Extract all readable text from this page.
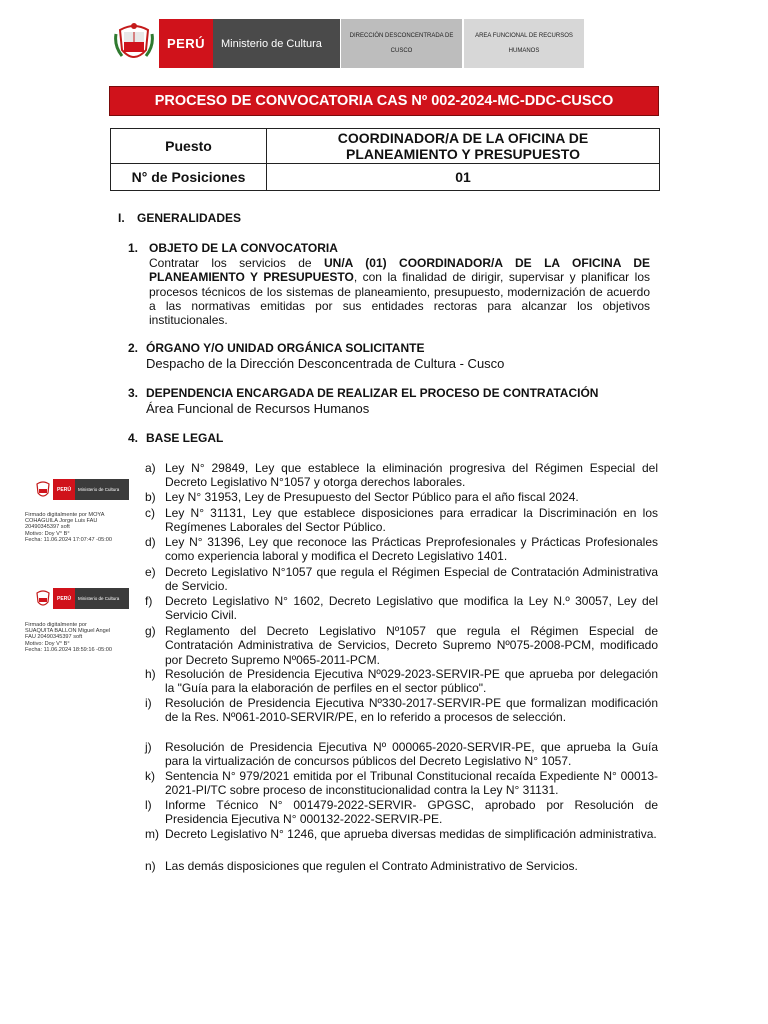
PERÚ	Ministerio de Cultura
DIRECCIÓN DESCONCENTRADA DE CUSCO
AREA FUNCIONAL DE RECURSOS HUMANOS
PROCESO DE CONVOCATORIA CAS Nº 002-2024-MC-DDC-CUSCO
Puesto	COORDINADOR/A DE LA OFICINA DE
PLANEAMIENTO Y PRESUPUESTO

N° de Posiciones	01
I. GENERALIDADES
1. OBJETO DE LA CONVOCATORIA
Contratar los servicios de UN/A (01) COORDINADOR/A DE LA OFICINA DE PLANEAMIENTO Y PRESUPUESTO, con la finalidad de dirigir, supervisar y planificar los procesos técnicos de los sistemas de planeamiento, presupuesto, modernización de acuerdo a las normativas emitidas por sus entidades rectoras para alcanzar los objetivos institucionales.
2. ÓRGANO Y/O UNIDAD ORGÁNICA SOLICITANTE
Despacho de la Dirección Desconcentrada de Cultura - Cusco
3. DEPENDENCIA ENCARGADA DE REALIZAR EL PROCESO DE CONTRATACIÓN
Área Funcional de Recursos Humanos
4. BASE LEGAL
a) Ley N° 29849, Ley que establece la eliminación progresiva del Régimen Especial del Decreto Legislativo N°1057 y otorga derechos laborales.
b) Ley N° 31953, Ley de Presupuesto del Sector Público para el año fiscal 2024.
c) Ley N° 31131, Ley que establece disposiciones para erradicar la Discriminación en los Regímenes Laborales del Sector Público.
d) Ley N° 31396, Ley que reconoce las Prácticas Preprofesionales y Prácticas Profesionales como experiencia laboral y modifica el Decreto Legislativo 1401.
e) Decreto Legislativo N°1057 que regula el Régimen Especial de Contratación Administrativa de Servicio.
f) Decreto Legislativo N° 1602, Decreto Legislativo que modifica la Ley N.º 30057, Ley del Servicio Civil.
g) Reglamento del Decreto Legislativo Nº1057 que regula el Régimen Especial de Contratación Administrativa de Servicios, Decreto Supremo Nº075-2008-PCM, modificado por Decreto Supremo Nº065-2011-PCM.
h) Resolución de Presidencia Ejecutiva Nº029-2023-SERVIR-PE que aprueba por delegación la "Guía para la elaboración de perfiles en el sector público".
i) Resolución de Presidencia Ejecutiva Nº330-2017-SERVIR-PE que formalizan modificación de la Res. Nº061-2010-SERVIR/PE, en lo referido a procesos de selección.
j) Resolución de Presidencia Ejecutiva Nº 000065-2020-SERVIR-PE, que aprueba la Guía para la virtualización de concursos públicos del Decreto Legislativo N° 1057.
k) Sentencia N° 979/2021 emitida por el Tribunal Constitucional recaída Expediente N° 00013-2021-PI/TC sobre proceso de inconstitucionalidad contra la Ley N° 31131.
l) Informe Técnico N° 001479-2022-SERVIR- GPGSC, aprobado por Resolución de Presidencia Ejecutiva N° 000132-2022-SERVIR-PE.
m) Decreto Legislativo N° 1246, que aprueba diversas medidas de simplificación administrativa.
n) Las demás disposiciones que regulen el Contrato Administrativo de Servicios.
PERÚ	Ministerio de Cultura
Firmado digitalmente por MOYA
COHAGUILA Jorge Luis FAU
20490345397 soft
Motivo: Doy V° B°
Fecha: 11.06.2024 17:07:47 -05:00
PERÚ	Ministerio de Cultura
Firmado digitalmente por
SUAQUITA BALLON Miguel Angel
FAU 20490345397 soft
Motivo: Doy V° B°
Fecha: 11.06.2024 18:59:16 -05:00
